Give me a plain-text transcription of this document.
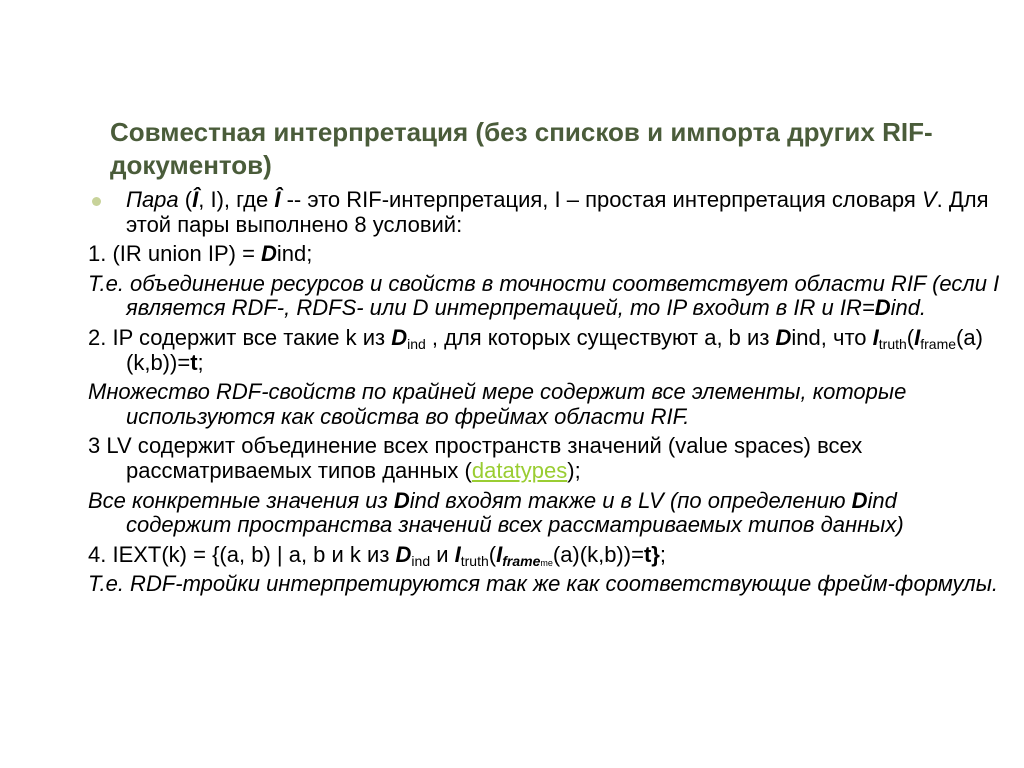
Совместная интерпретация (без списков и импорта других RIF-документов)
Пара (Î, I), где Î -- это RIF-интерпретация, I – простая интерпретация словаря V. Для этой пары выполнено 8 условий:
1. (IR union IP) = Dind;
Т.е. объединение ресурсов и свойств в точности соответствует области RIF (если I является RDF-, RDFS- или D интерпретацией, то IP входит в IR и IR=Dind.
2. IP содержит все такие k из $D_{ind}$ , для которых существуют a, b из Dind, что $I_{truth}(I_{frame}(a)(k,b))=t$;
Множество RDF-свойств по крайней мере содержит все элементы, которые используются как свойства во фреймах области RIF.
3 LV содержит объединение всех пространств значений (value spaces) всех рассматриваемых типов данных (datatypes);
Все конкретные значения из Dind входят также и в LV (по определению Dind содержит пространства значений всех рассматриваемых типов данных)
4. IEXT(k) = {(a, b) | a, b и k из $D_{ind}$ и $I_{truth}(I_{frameme}(a)(k,b))=t$};
Т.е. RDF-тройки интерпретируются так же как соответствующие фрейм-формулы.
